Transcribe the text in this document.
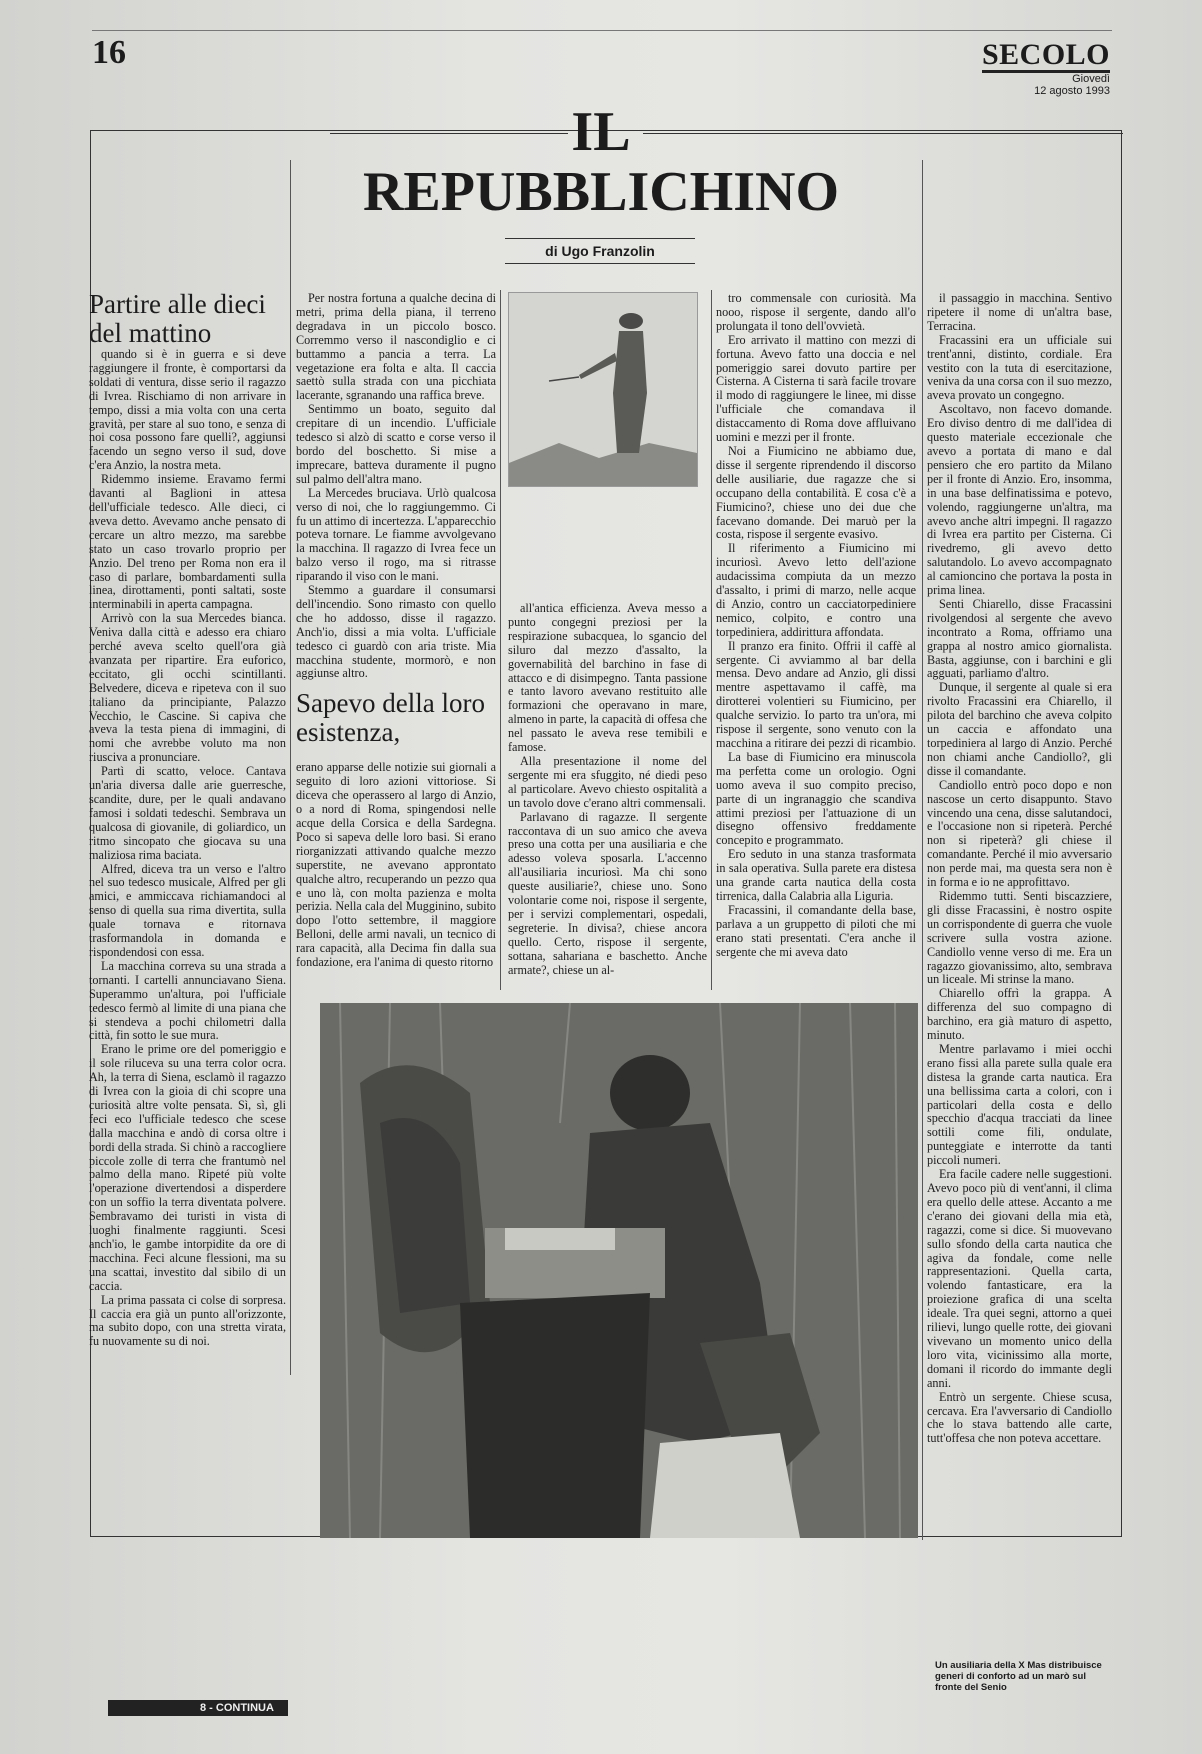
16	SECOLO
Giovedì
12 agosto 1993
IL
REPUBBLICHINO
di Ugo Franzolin

Partire alle dieci del mattino

quando si è in guerra e si deve raggiungere il fronte, è comportarsi da soldati di ventura, disse serio il ragazzo di Ivrea. Rischiamo di non arrivare in tempo, dissi a mia volta con una certa gravità, per stare al suo tono, e senza di noi cosa possono fare quelli?, aggiunsi facendo un segno verso il sud, dove c'era Anzio, la nostra meta.

Ridemmo insieme. Eravamo fermi davanti al Baglioni in attesa dell'ufficiale tedesco. Alle dieci, ci aveva detto. Avevamo anche pensato di cercare un altro mezzo, ma sarebbe stato un caso trovarlo proprio per Anzio. Del treno per Roma non era il caso di parlare, bombardamenti sulla linea, dirottamenti, ponti saltati, soste interminabili in aperta campagna.

Arrivò con la sua Mercedes bianca. Veniva dalla città e adesso era chiaro perché aveva scelto quell'ora già avanzata per ripartire. Era euforico, eccitato, gli occhi scintillanti. Belvedere, diceva e ripeteva con il suo italiano da principiante, Palazzo Vecchio, le Cascine. Si capiva che aveva la testa piena di immagini, di nomi che avrebbe voluto ma non riusciva a pronunciare.

Partì di scatto, veloce. Cantava un'aria diversa dalle arie guerresche, scandite, dure, per le quali andavano famosi i soldati tedeschi. Sembrava un qualcosa di giovanile, di goliardico, un ritmo sincopato che giocava su una maliziosa rima baciata.

Alfred, diceva tra un verso e l'altro nel suo tedesco musicale, Alfred per gli amici, e ammiccava richiamandoci al senso di quella sua rima divertita, sulla quale tornava e ritornava trasformandola in domanda e rispondendosi con essa.

La macchina correva su una strada a tornanti. I cartelli annunciavano Siena. Superammo un'altura, poi l'ufficiale tedesco fermò al limite di una piana che si stendeva a pochi chilometri dalla città, fin sotto le sue mura.

Erano le prime ore del pomeriggio e il sole riluceva su una terra color ocra. Ah, la terra di Siena, esclamò il ragazzo di Ivrea con la gioia di chi scopre una curiosità altre volte pensata. Sì, sì, gli feci eco l'ufficiale tedesco che scese dalla macchina e andò di corsa oltre i bordi della strada. Si chinò a raccogliere piccole zolle di terra che frantumò nel palmo della mano. Ripeté più volte l'operazione divertendosi a disperdere con un soffio la terra diventata polvere. Sembravamo dei turisti in vista di luoghi finalmente raggiunti. Scesi anch'io, le gambe intorpidite da ore di macchina. Feci alcune flessioni, ma su una scattai, investito dal sibilo di un caccia.

La prima passata ci colse di sorpresa. Il caccia era già un punto all'orizzonte, ma subito dopo, con una stretta virata, fu nuovamente su di noi.

Per nostra fortuna a qualche decina di metri, prima della piana, il terreno degradava in un piccolo bosco. Corremmo verso il nascondiglio e ci buttammo a pancia a terra. La vegetazione era folta e alta. Il caccia saettò sulla strada con una picchiata lacerante, sgranando una raffica breve.

Sentimmo un boato, seguito dal crepitare di un incendio. L'ufficiale tedesco si alzò di scatto e corse verso il bordo del boschetto. Si mise a imprecare, batteva duramente il pugno sul palmo dell'altra mano.

La Mercedes bruciava. Urlò qualcosa verso di noi, che lo raggiungemmo. Ci fu un attimo di incertezza. L'apparecchio poteva tornare. Le fiamme avvolgevano la macchina. Il ragazzo di Ivrea fece un balzo verso il rogo, ma si ritrasse riparando il viso con le mani.

Stemmo a guardare il consumarsi dell'incendio. Sono rimasto con quello che ho addosso, disse il ragazzo. Anch'io, dissi a mia volta. L'ufficiale tedesco ci guardò con aria triste. Mia macchina studente, mormorò, e non aggiunse altro.

Sapevo della loro esistenza,

erano apparse delle notizie sui giornali a seguito di loro azioni vittoriose. Si diceva che operassero al largo di Anzio, o a nord di Roma, spingendosi nelle acque della Corsica e della Sardegna. Poco si sapeva delle loro basi. Si erano riorganizzati attivando qualche mezzo superstite, ne avevano approntato qualche altro, recuperando un pezzo qua e uno là, con molta pazienza e molta perizia. Nella cala del Mugginino, subito dopo l'otto settembre, il maggiore Belloni, delle armi navali, un tecnico di rara capacità, alla Decima fin dalla sua fondazione, era l'anima di questo ritorno

all'antica efficienza. Aveva messo a punto congegni preziosi per la respirazione subacquea, lo sgancio del siluro dal mezzo d'assalto, la governabilità del barchino in fase di attacco e di disimpegno. Tanta passione e tanto lavoro avevano restituito alle formazioni che operavano in mare, almeno in parte, la capacità di offesa che nel passato le aveva rese temibili e famose.

Alla presentazione il nome del sergente mi era sfuggito, né diedi peso al particolare. Avevo chiesto ospitalità a un tavolo dove c'erano altri commensali.

Parlavano di ragazze. Il sergente raccontava di un suo amico che aveva preso una cotta per una ausiliaria e che adesso voleva sposarla. L'accenno all'ausiliaria incuriosì. Ma chi sono queste ausiliarie?, chiese uno. Sono volontarie come noi, rispose il sergente, per i servizi complementari, ospedali, segreterie. In divisa?, chiese ancora quello. Certo, rispose il sergente, sottana, sahariana e baschetto. Anche armate?, chiese un al-

tro commensale con curiosità. Ma nooo, rispose il sergente, dando all'o prolungata il tono dell'ovvietà.

Ero arrivato il mattino con mezzi di fortuna. Avevo fatto una doccia e nel pomeriggio sarei dovuto partire per Cisterna. A Cisterna ti sarà facile trovare il modo di raggiungere le linee, mi disse l'ufficiale che comandava il distaccamento di Roma dove affluivano uomini e mezzi per il fronte.

Noi a Fiumicino ne abbiamo due, disse il sergente riprendendo il discorso delle ausiliarie, due ragazze che si occupano della contabilità. E cosa c'è a Fiumicino?, chiese uno dei due che facevano domande. Dei maruò per la costa, rispose il sergente evasivo.

Il riferimento a Fiumicino mi incuriosì. Avevo letto dell'azione audacissima compiuta da un mezzo d'assalto, i primi di marzo, nelle acque di Anzio, contro un cacciatorpediniere nemico, colpito, e contro una torpediniera, addirittura affondata.

Il pranzo era finito. Offrii il caffè al sergente. Ci avviammo al bar della mensa. Devo andare ad Anzio, gli dissi mentre aspettavamo il caffè, ma dirotterei volentieri su Fiumicino, per qualche servizio. Io parto tra un'ora, mi rispose il sergente, sono venuto con la macchina a ritirare dei pezzi di ricambio.

La base di Fiumicino era minuscola ma perfetta come un orologio. Ogni uomo aveva il suo compito preciso, parte di un ingranaggio che scandiva attimi preziosi per l'attuazione di un disegno offensivo freddamente concepito e programmato.

Ero seduto in una stanza trasformata in sala operativa. Sulla parete era distesa una grande carta nautica della costa tirrenica, dalla Calabria alla Liguria.

Fracassini, il comandante della base, parlava a un gruppetto di piloti che mi erano stati presentati. C'era anche il sergente che mi aveva dato

il passaggio in macchina. Sentivo ripetere il nome di un'altra base, Terracina.

Fracassini era un ufficiale sui trent'anni, distinto, cordiale. Era vestito con la tuta di esercitazione, veniva da una corsa con il suo mezzo, aveva provato un congegno.

Ascoltavo, non facevo domande. Ero diviso dentro di me dall'idea di questo materiale eccezionale che avevo a portata di mano e dal pensiero che ero partito da Milano per il fronte di Anzio. Ero, insomma, in una base delfinatissima e potevo, volendo, raggiungerne un'altra, ma avevo anche altri impegni. Il ragazzo di Ivrea era partito per Cisterna. Ci rivedremo, gli avevo detto salutandolo. Lo avevo accompagnato al camioncino che portava la posta in prima linea.

Senti Chiarello, disse Fracassini rivolgendosi al sergente che avevo incontrato a Roma, offriamo una grappa al nostro amico giornalista. Basta, aggiunse, con i barchini e gli agguati, parliamo d'altro.

Dunque, il sergente al quale si era rivolto Fracassini era Chiarello, il pilota del barchino che aveva colpito un caccia e affondato una torpediniera al largo di Anzio. Perché non chiami anche Candiollo?, gli disse il comandante.

Candiollo entrò poco dopo e non nascose un certo disappunto. Stavo vincendo una cena, disse salutandoci, e l'occasione non si ripeterà. Perché non si ripeterà? gli chiese il comandante. Perché il mio avversario non perde mai, ma questa sera non è in forma e io ne approfittavo.

Ridemmo tutti. Senti biscazziere, gli disse Fracassini, è nostro ospite un corrispondente di guerra che vuole scrivere sulla vostra azione. Candiollo venne verso di me. Era un ragazzo giovanissimo, alto, sembrava un liceale. Mi strinse la mano.

Chiarello offrì la grappa. A differenza del suo compagno di barchino, era già maturo di aspetto, minuto.

Mentre parlavamo i miei occhi erano fissi alla parete sulla quale era distesa la grande carta nautica. Era una bellissima carta a colori, con i particolari della costa e dello specchio d'acqua tracciati da linee sottili come fili, ondulate, punteggiate e interrotte da tanti piccoli numeri.

Era facile cadere nelle suggestioni. Avevo poco più di vent'anni, il clima era quello delle attese. Accanto a me c'erano dei giovani della mia età, ragazzi, come si dice. Si muovevano sullo sfondo della carta nautica che agiva da fondale, come nelle rappresentazioni. Quella carta, volendo fantasticare, era la proiezione grafica di una scelta ideale. Tra quei segni, attorno a quei rilievi, lungo quelle rotte, dei giovani vivevano un momento unico della loro vita, vicinissimo alla morte, domani il ricordo do immante degli anni.

Entrò un sergente. Chiese scusa, cercava. Era l'avversario di Candiollo che lo stava battendo alle carte, tutt'offesa che non poteva accettare.

Un ausiliaria della X Mas distribuisce generi di conforto ad un marò sul fronte del Senio
8 - CONTINUA
